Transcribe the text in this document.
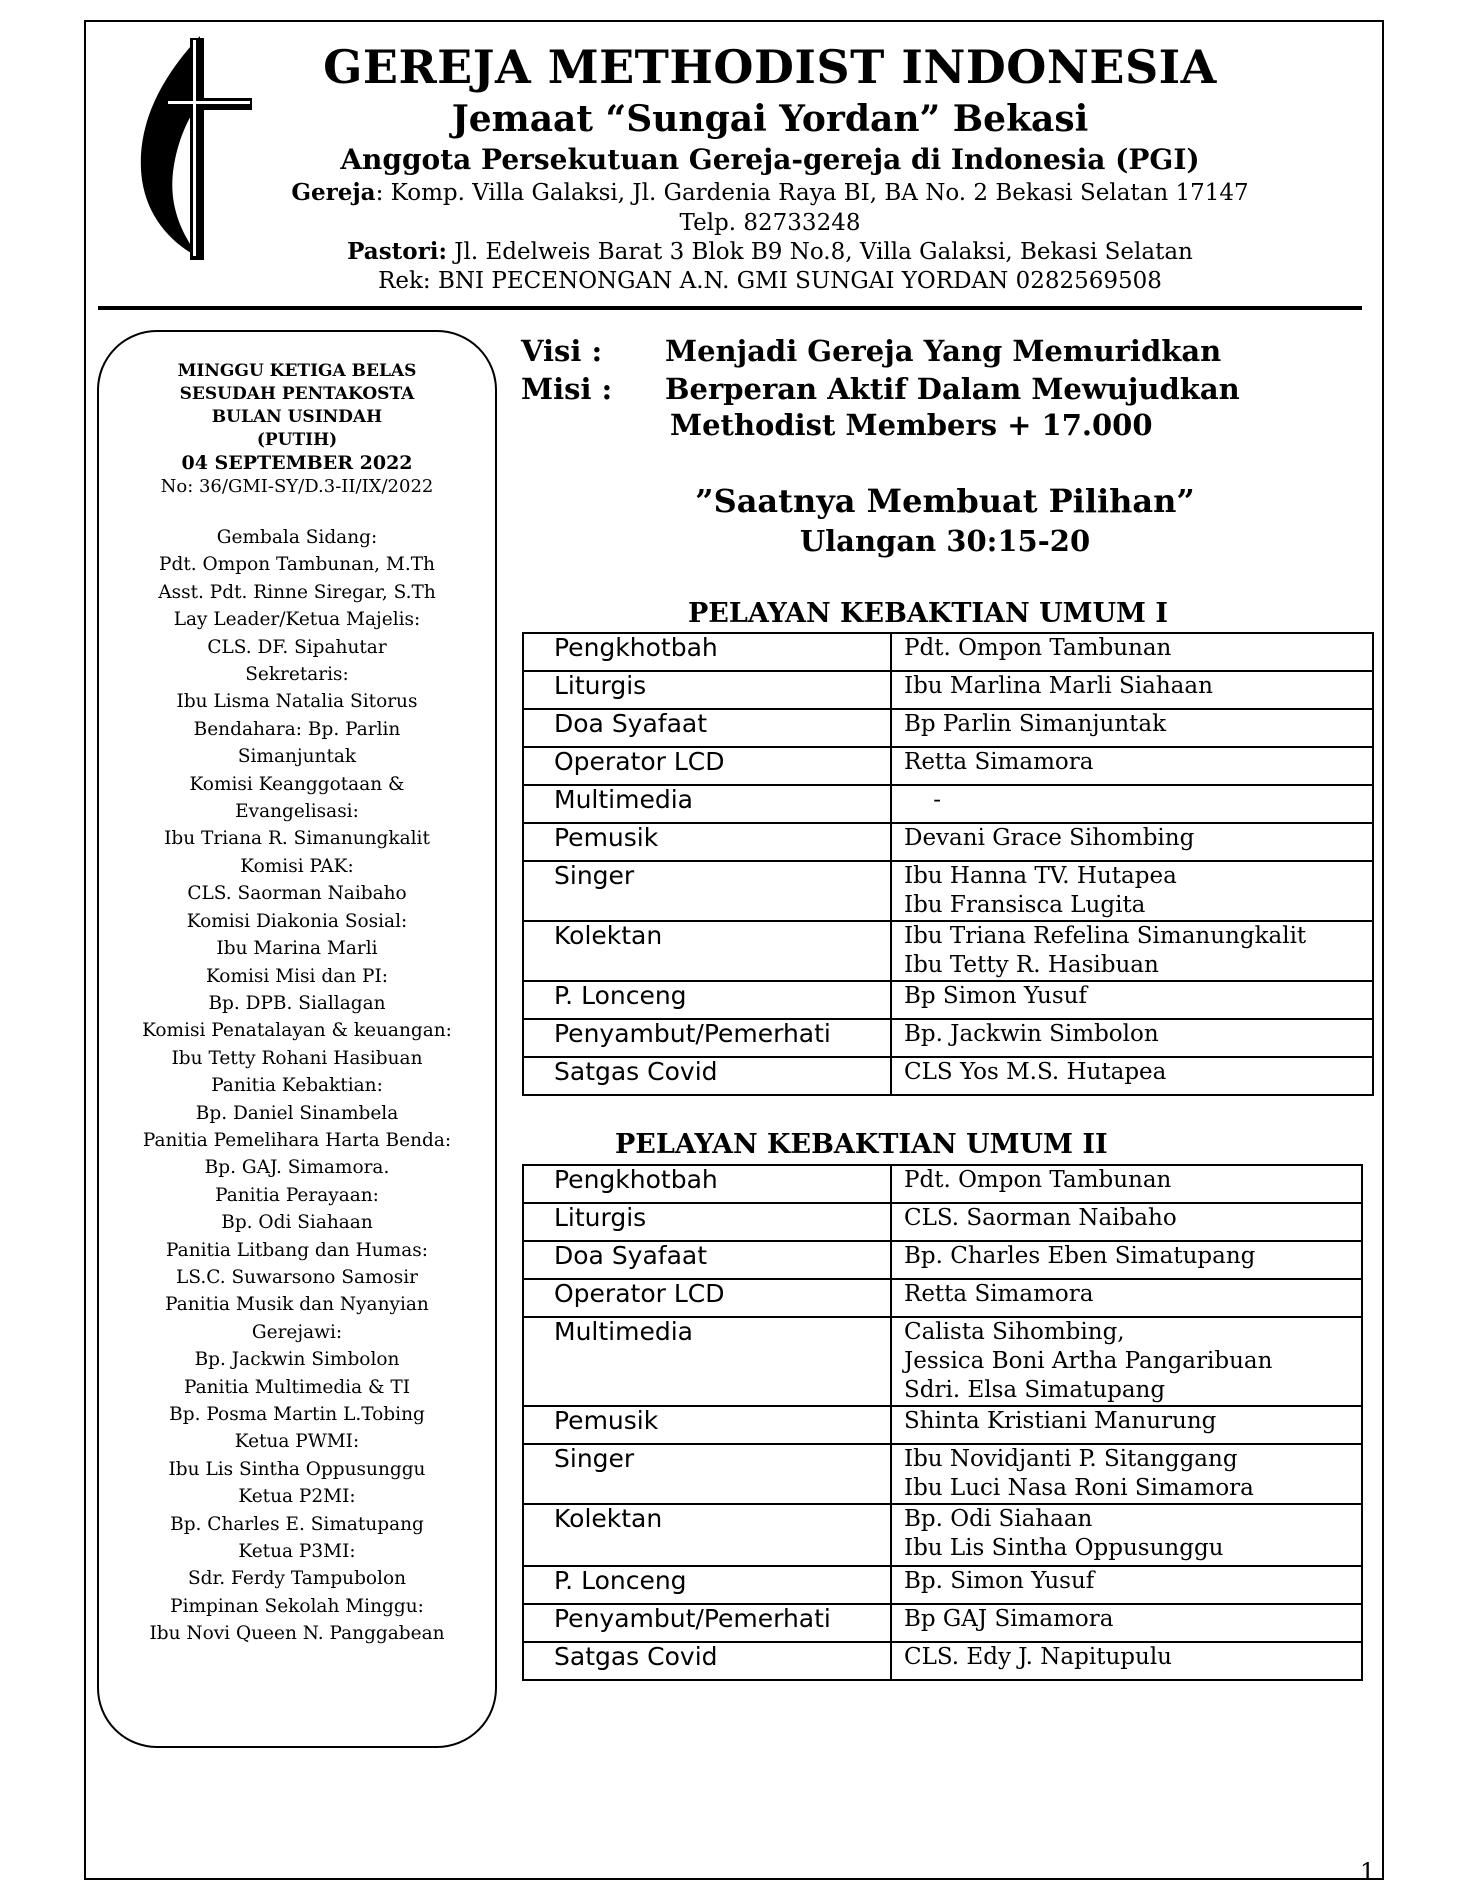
GEREJA METHODIST INDONESIA
Jemaat “Sungai Yordan” Bekasi
Anggota Persekutuan Gereja-gereja di Indonesia (PGI)
Gereja: Komp. Villa Galaksi, Jl. Gardenia Raya BI, BA No. 2 Bekasi Selatan 17147
Telp. 82733248
Pastori: Jl. Edelweis Barat 3 Blok B9 No.8, Villa Galaksi, Bekasi Selatan
Rek: BNI PECENONGAN A.N. GMI SUNGAI YORDAN 0282569508
MINGGU KETIGA BELAS
SESUDAH PENTAKOSTA
BULAN USINDAH
(PUTIH)
04 SEPTEMBER 2022
No: 36/GMI-SY/D.3-II/IX/2022
Gembala Sidang:
Pdt. Ompon Tambunan, M.Th
Asst. Pdt. Rinne Siregar, S.Th
Lay Leader/Ketua Majelis:
CLS. DF. Sipahutar
Sekretaris:
Ibu Lisma Natalia Sitorus
Bendahara: Bp. Parlin
Simanjuntak
Komisi Keanggotaan &
Evangelisasi:
Ibu Triana R. Simanungkalit
Komisi PAK:
CLS. Saorman Naibaho
Komisi Diakonia Sosial:
Ibu Marina Marli
Komisi Misi dan PI:
Bp. DPB. Siallagan
Komisi Penatalayan & keuangan:
Ibu Tetty Rohani Hasibuan
Panitia Kebaktian:
Bp. Daniel Sinambela
Panitia Pemelihara Harta Benda:
Bp. GAJ. Simamora.
Panitia Perayaan:
Bp. Odi Siahaan
Panitia Litbang dan Humas:
LS.C. Suwarsono Samosir
Panitia Musik dan Nyanyian
Gerejawi:
Bp. Jackwin Simbolon
Panitia Multimedia & TI
Bp. Posma Martin L.Tobing
Ketua PWMI:
Ibu Lis Sintha Oppusunggu
Ketua P2MI:
Bp. Charles E. Simatupang
Ketua P3MI:
Sdr. Ferdy Tampubolon
Pimpinan Sekolah Minggu:
Ibu Novi Queen N. Panggabean
Visi : Menjadi Gereja Yang Memuridkan
Misi : Berperan Aktif Dalam Mewujudkan
Methodist Members + 17.000
”Saatnya Membuat Pilihan”
Ulangan 30:15-20
PELAYAN KEBAKTIAN UMUM I
Pengkhotbah	Pdt. Ompon Tambunan

Liturgis	Ibu Marlina Marli Siahaan

Doa Syafaat	Bp Parlin Simanjuntak

Operator LCD	Retta Simamora

Multimedia	-

Pemusik	Devani Grace Sihombing

Singer	Ibu Hanna TV. Hutapea
Ibu Fransisca Lugita

Kolektan	Ibu Triana Refelina Simanungkalit
Ibu Tetty R. Hasibuan

P. Lonceng	Bp Simon Yusuf

Penyambut/Pemerhati	Bp. Jackwin Simbolon

Satgas Covid	CLS Yos M.S. Hutapea
PELAYAN KEBAKTIAN UMUM II
Pengkhotbah	Pdt. Ompon Tambunan

Liturgis	CLS. Saorman Naibaho

Doa Syafaat	Bp. Charles Eben Simatupang

Operator LCD	Retta Simamora

Multimedia	Calista Sihombing,
Jessica Boni Artha Pangaribuan
Sdri. Elsa Simatupang

Pemusik	Shinta Kristiani Manurung

Singer	Ibu Novidjanti P. Sitanggang
Ibu Luci Nasa Roni Simamora

Kolektan	Bp. Odi Siahaan
Ibu Lis Sintha Oppusunggu

P. Lonceng	Bp. Simon Yusuf

Penyambut/Pemerhati	Bp GAJ Simamora

Satgas Covid	CLS. Edy J. Napitupulu
1
